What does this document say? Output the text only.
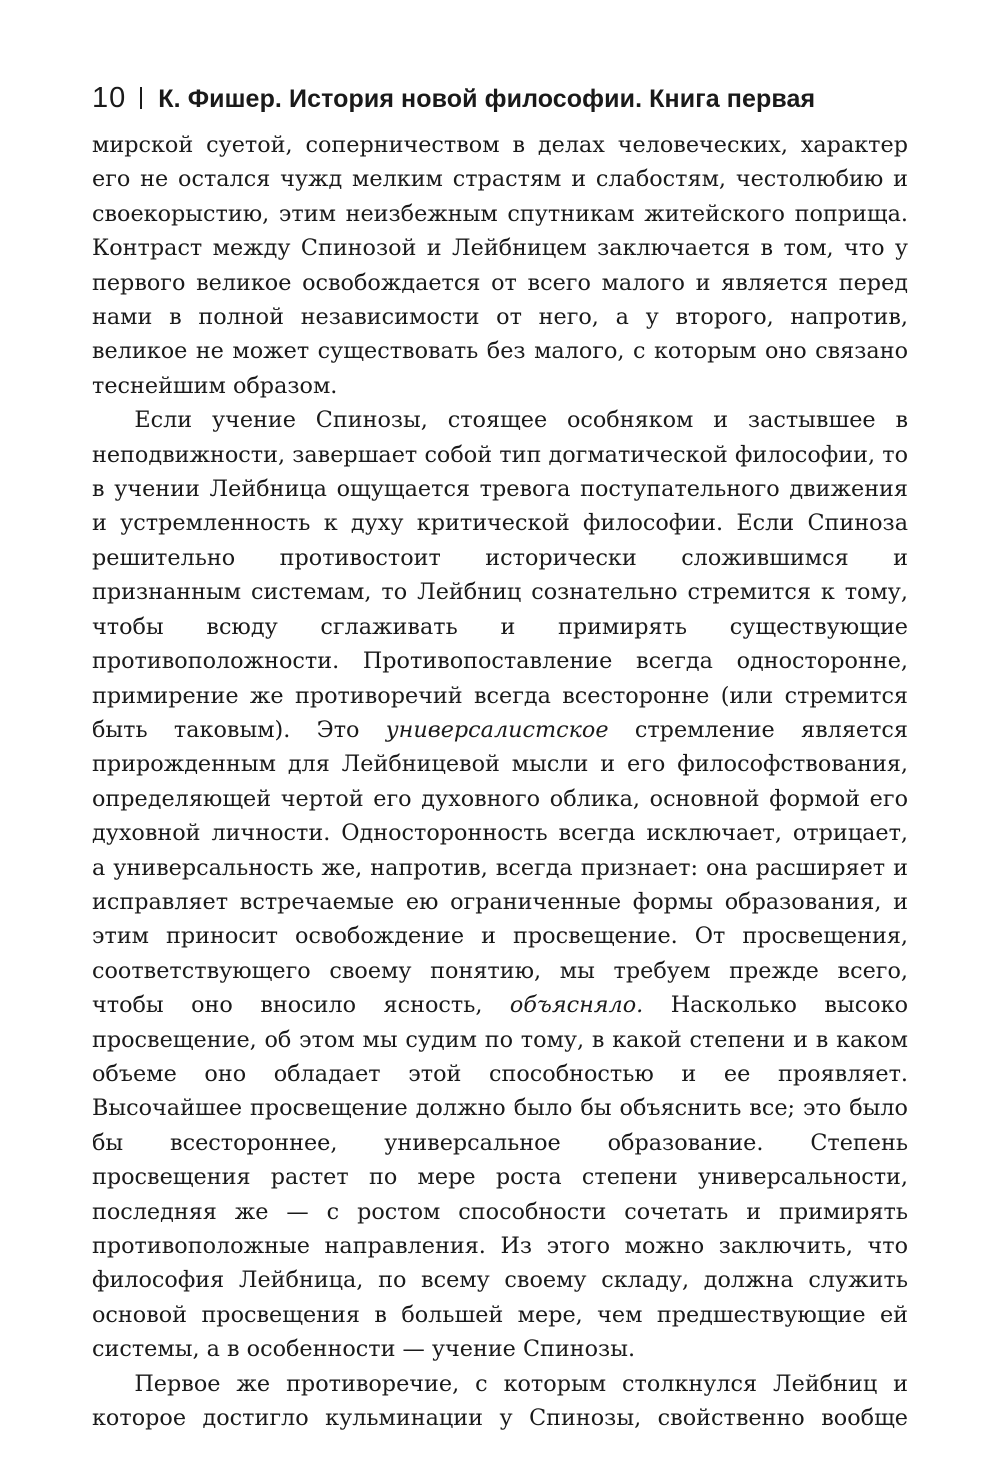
10 К. Фишер. История новой философии. Книга первая

мирской суетой, соперничеством в делах человеческих, характер его не остался чужд мелким страстям и слабостям, честолюбию и своекорыстию, этим неизбежным спутникам житейского поприща. Контраст между Спинозой и Лейбницем заключается в том, что у первого великое освобождается от всего малого и является перед нами в полной независимости от него, а у второго, напротив, великое не может существовать без малого, с которым оно связано теснейшим образом.

Если учение Спинозы, стоящее особняком и застывшее в неподвижности, завершает собой тип догматической философии, то в учении Лейбница ощущается тревога поступательного движения и устремленность к духу критической философии. Если Спиноза решительно противостоит исторически сложившимся и признанным системам, то Лейбниц сознательно стремится к тому, чтобы всюду сглаживать и примирять существующие противоположности. Противопоставление всегда односторонне, примирение же противоречий всегда всесторонне (или стремится быть таковым). Это универсалистское стремление является прирожденным для Лейбницевой мысли и его философствования, определяющей чертой его духовного облика, основной формой его духовной личности. Односторонность всегда исключает, отрицает, а универсальность же, напротив, всегда признает: она расширяет и исправляет встречаемые ею ограниченные формы образования, и этим приносит освобождение и просвещение. От просвещения, соответствующего своему понятию, мы требуем прежде всего, чтобы оно вносило ясность, объясняло. Насколько высоко просвещение, об этом мы судим по тому, в какой степени и в каком объеме оно обладает этой способностью и ее проявляет. Высочайшее просвещение должно было бы объяснить все; это было бы всестороннее, универсальное образование. Степень просвещения растет по мере роста степени универсальности, последняя же — с ростом способности сочетать и примирять противоположные направления. Из этого можно заключить, что философия Лейбница, по всему своему складу, должна служить основой просвещения в большей мере, чем предшествующие ей системы, а в особенности — учение Спинозы.

Первое же противоречие, с которым столкнулся Лейбниц и которое достигло кульминации у Спинозы, свойственно вообще
